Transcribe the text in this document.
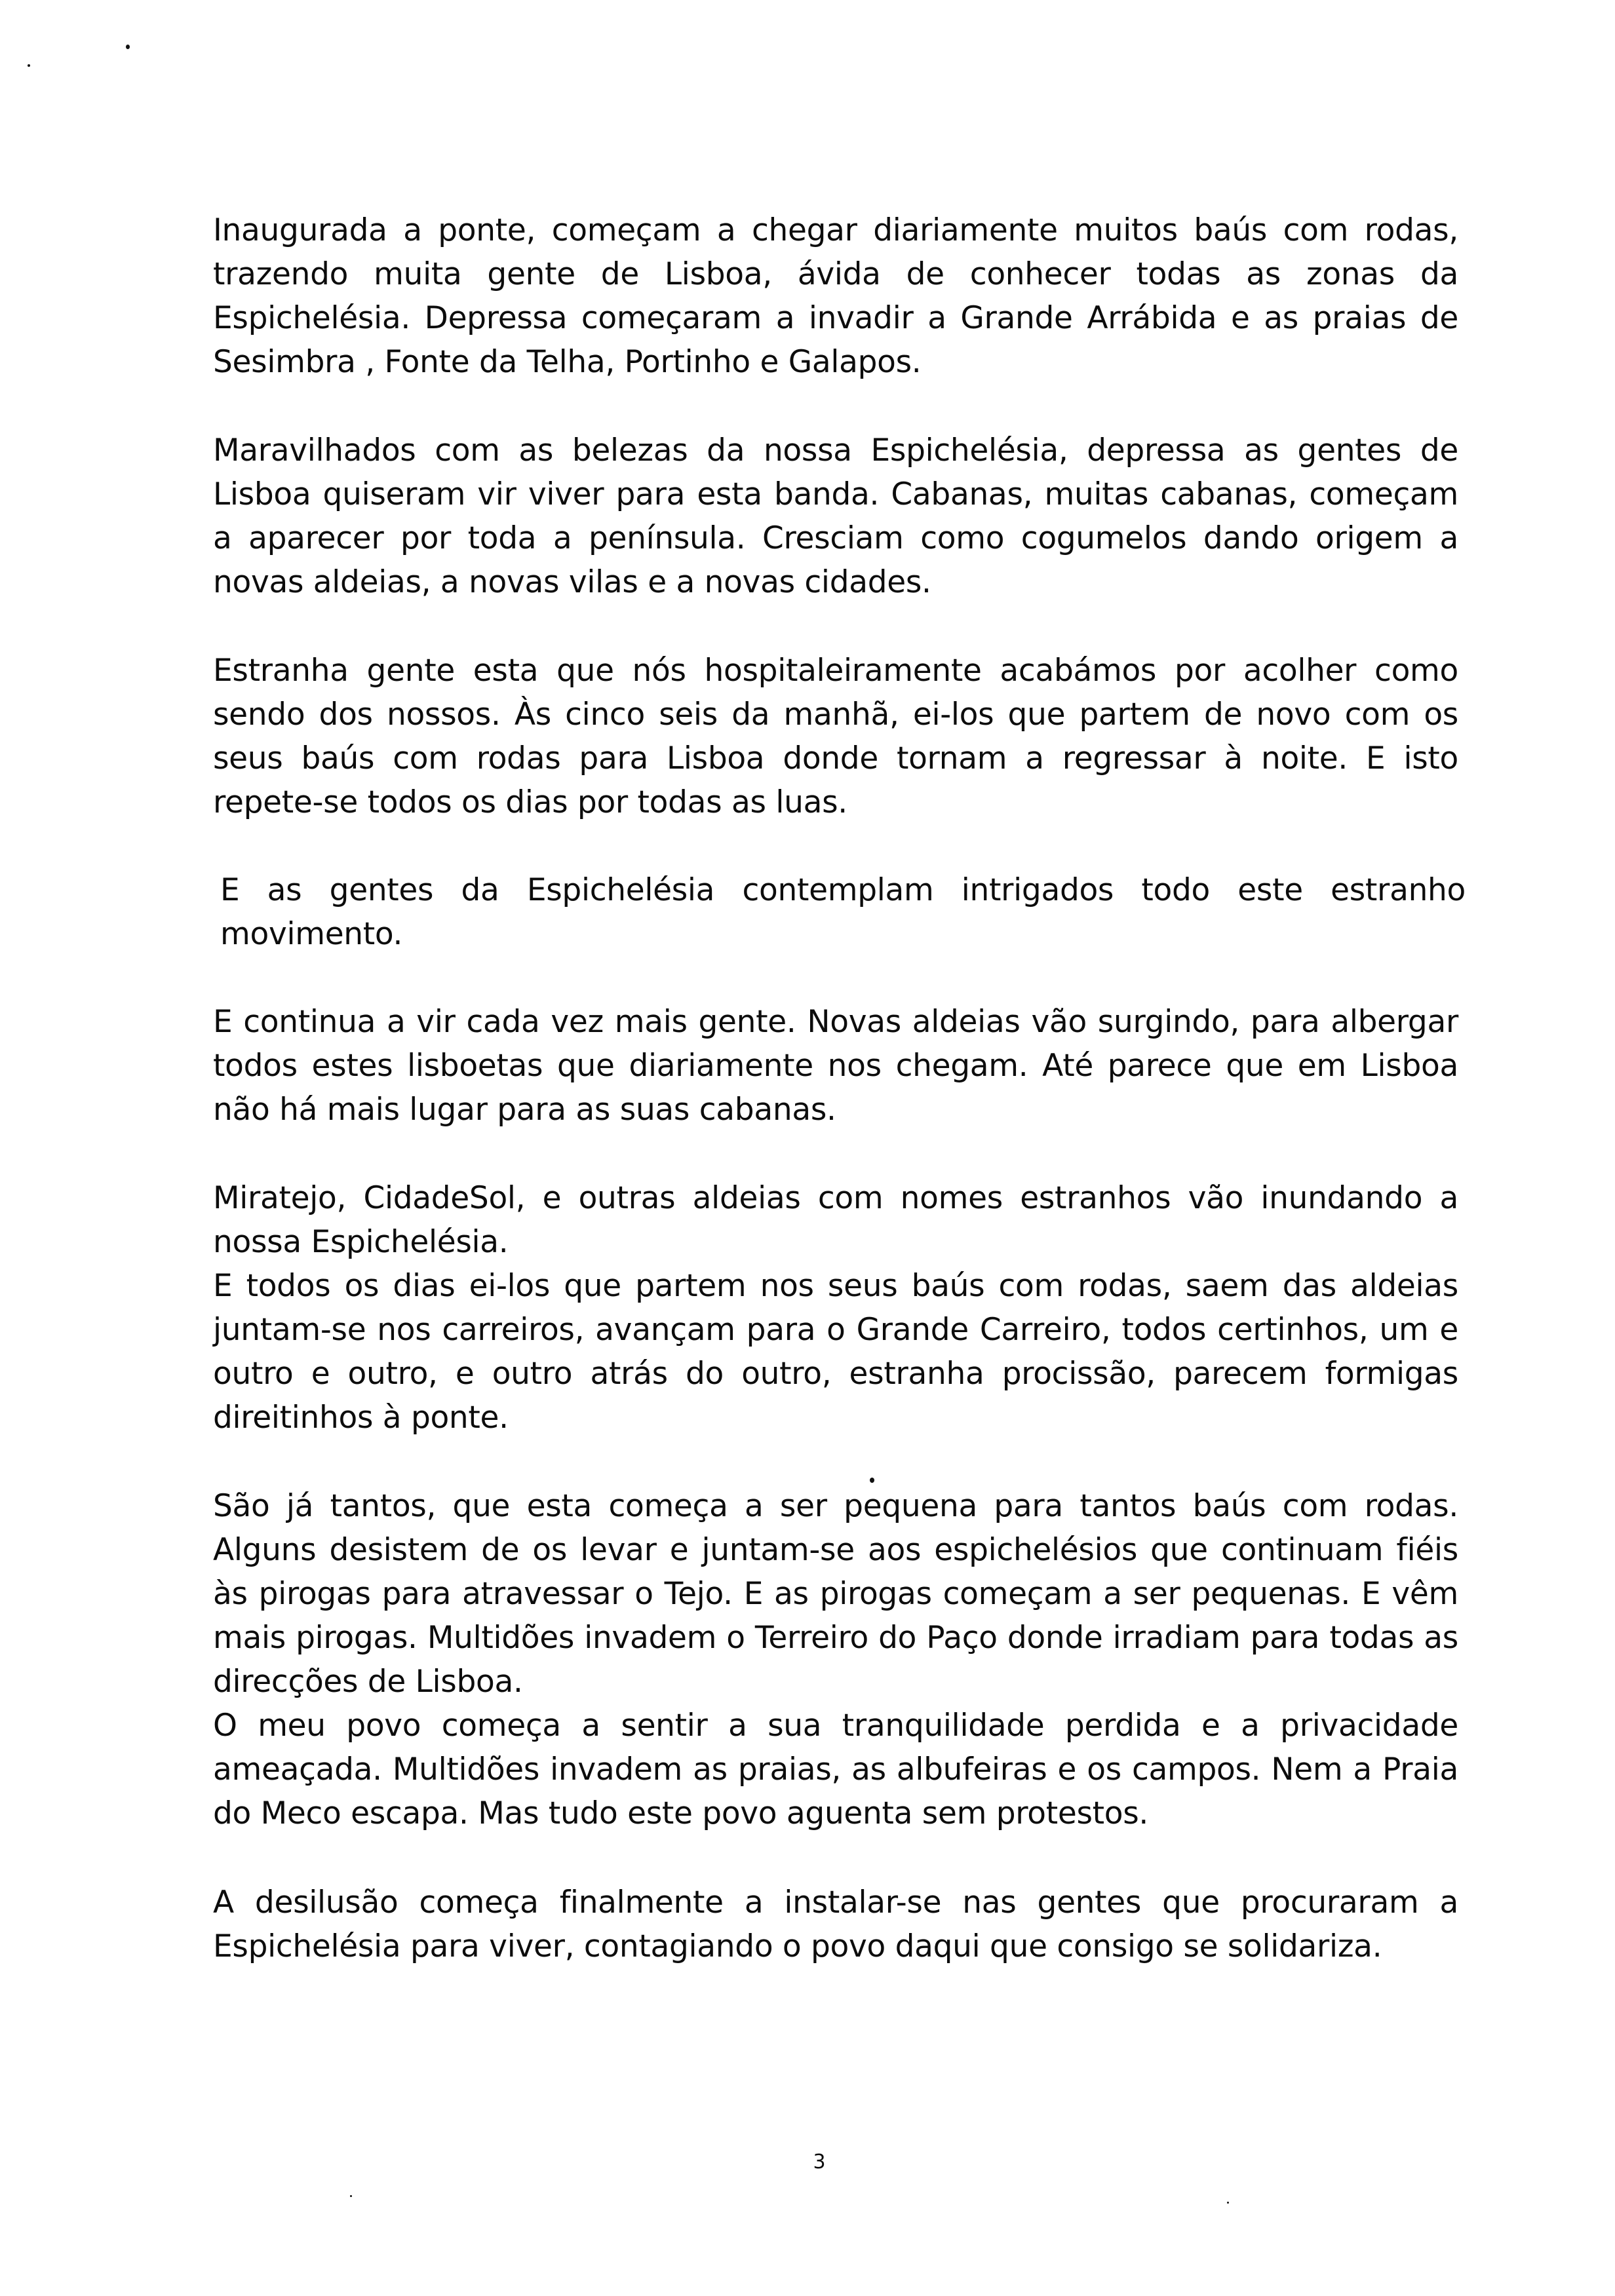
Inaugurada a ponte, começam a chegar diariamente muitos baús com rodas, trazendo muita gente de Lisboa, ávida de conhecer todas as zonas da Espichelésia. Depressa começaram a invadir a Grande Arrábida e as praias de Sesimbra , Fonte da Telha, Portinho e Galapos.

Maravilhados com as belezas da nossa Espichelésia, depressa as gentes de Lisboa quiseram vir viver para esta banda. Cabanas, muitas cabanas, começam a aparecer por toda a península. Cresciam como cogumelos dando origem a novas aldeias, a novas vilas e a novas cidades.

Estranha gente esta que nós hospitaleiramente acabámos por acolher como sendo dos nossos. Às cinco seis da manhã, ei-los que partem de novo com os seus baús com rodas para Lisboa donde tornam a regressar à noite. E isto repete-se todos os dias por todas as luas.

E as gentes da Espichelésia contemplam intrigados todo este estranho movimento.

E continua a vir cada vez mais gente. Novas aldeias vão surgindo, para albergar todos estes lisboetas que diariamente nos chegam. Até parece que em Lisboa não há mais lugar para as suas cabanas.

Miratejo, CidadeSol, e outras aldeias com nomes estranhos vão inundando a nossa Espichelésia.

E todos os dias ei-los que partem nos seus baús com rodas, saem das aldeias juntam-se nos carreiros, avançam para o Grande Carreiro, todos certinhos, um e outro e outro, e outro atrás do outro, estranha procissão, parecem formigas direitinhos à ponte.

São já tantos, que esta começa a ser pequena para tantos baús com rodas. Alguns desistem de os levar e juntam-se aos espichelésios que continuam fiéis às pirogas para atravessar o Tejo. E as pirogas começam a ser pequenas. E vêm mais pirogas. Multidões invadem o Terreiro do Paço donde irradiam para todas as direcções de Lisboa.

O meu povo começa a sentir a sua tranquilidade perdida e a privacidade ameaçada. Multidões invadem as praias, as albufeiras e os campos. Nem a Praia do Meco escapa. Mas tudo este povo aguenta sem protestos.

A desilusão começa finalmente a instalar-se nas gentes que procuraram a Espichelésia para viver, contagiando o povo daqui que consigo se solidariza.

3
